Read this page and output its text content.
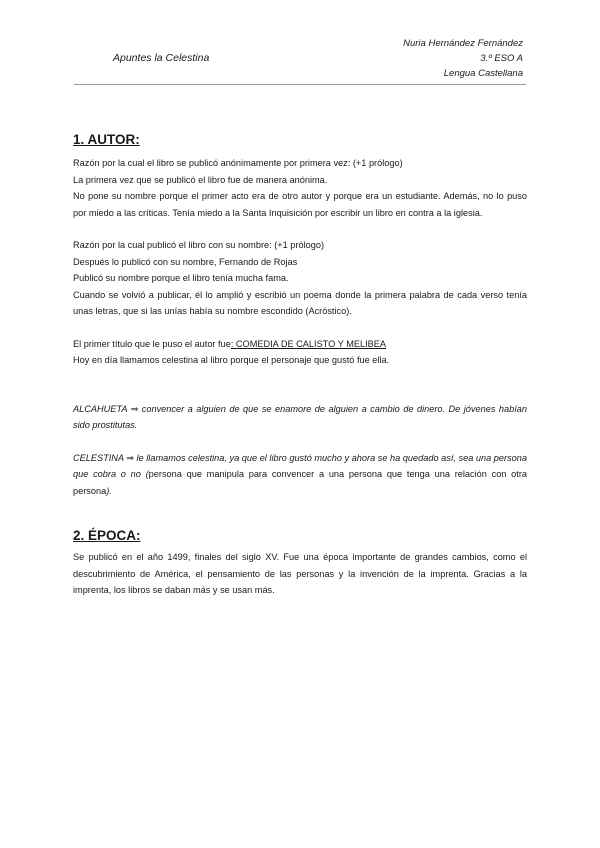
Apuntes la Celestina
Nuria Hernández Fernández
3.º ESO A
Lengua Castellana
1. AUTOR:

Razón por la cual el libro se publicó anónimamente por primera vez: (+1 prólogo)

La primera vez que se publicó el libro fue de manera anónima.

No pone su nombre porque el primer acto era de otro autor y porque era un estudiante. Además, no lo puso por miedo a las críticas. Tenía miedo a la Santa Inquisición por escribir un libro en contra a la iglesia.

Razón por la cual publicó el libro con su nombre: (+1 prólogo)

Después lo publicó con su nombre, Fernando de Rojas

Publicó su nombre porque el libro tenía mucha fama.

Cuando se volvió a publicar, él lo amplió y escribió un poema donde la primera palabra de cada verso tenía unas letras, que si las unías había su nombre escondido (Acróstico).

El primer título que le puso el autor fue: COMEDIA DE CALISTO Y MELIBEA

Hoy en día llamamos celestina al libro porque el personaje que gustó fue ella.

ALCAHUETA ⇒ convencer a alguien de que se enamore de alguien a cambio de dinero. De jóvenes habían sido prostitutas.

CELESTINA ⇒ le llamamos celestina, ya que el libro gustó mucho y ahora se ha quedado así, sea una persona que cobra o no (persona que manipula para convencer a una persona que tenga una relación con otra persona).

2. ÉPOCA:

Se publicó en el año 1499, finales del siglo XV. Fue una época importante de grandes cambios, como el descubrimiento de América, el pensamiento de las personas y la invención de la imprenta. Gracias a la imprenta, los libros se daban más y se usan más.
